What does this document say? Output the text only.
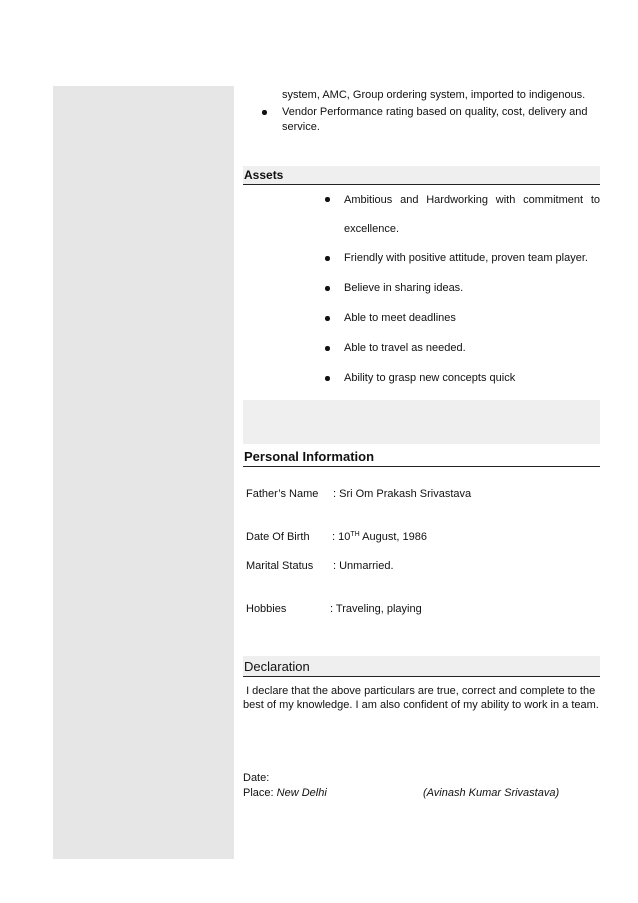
system, AMC, Group ordering system, imported to indigenous.
Vendor Performance rating based on quality, cost, delivery and
service.
Assets
Ambitious and Hardworking with commitment to
excellence.
Friendly with positive attitude, proven team player.
Believe in sharing ideas.
Able to meet deadlines
Able to travel as needed.
Ability to grasp new concepts quick
Personal Information
Father’s Name : Sri Om Prakash Srivastava
Date Of Birth : 10TH August, 1986
Marital Status : Unmarried.
Hobbies	: Traveling, playing
Declaration
I declare that the above particulars are true, correct and complete to the
best of my knowledge. I am also confident of my ability to work in a team.
Date:
Place: New Delhi	(Avinash Kumar Srivastava)
